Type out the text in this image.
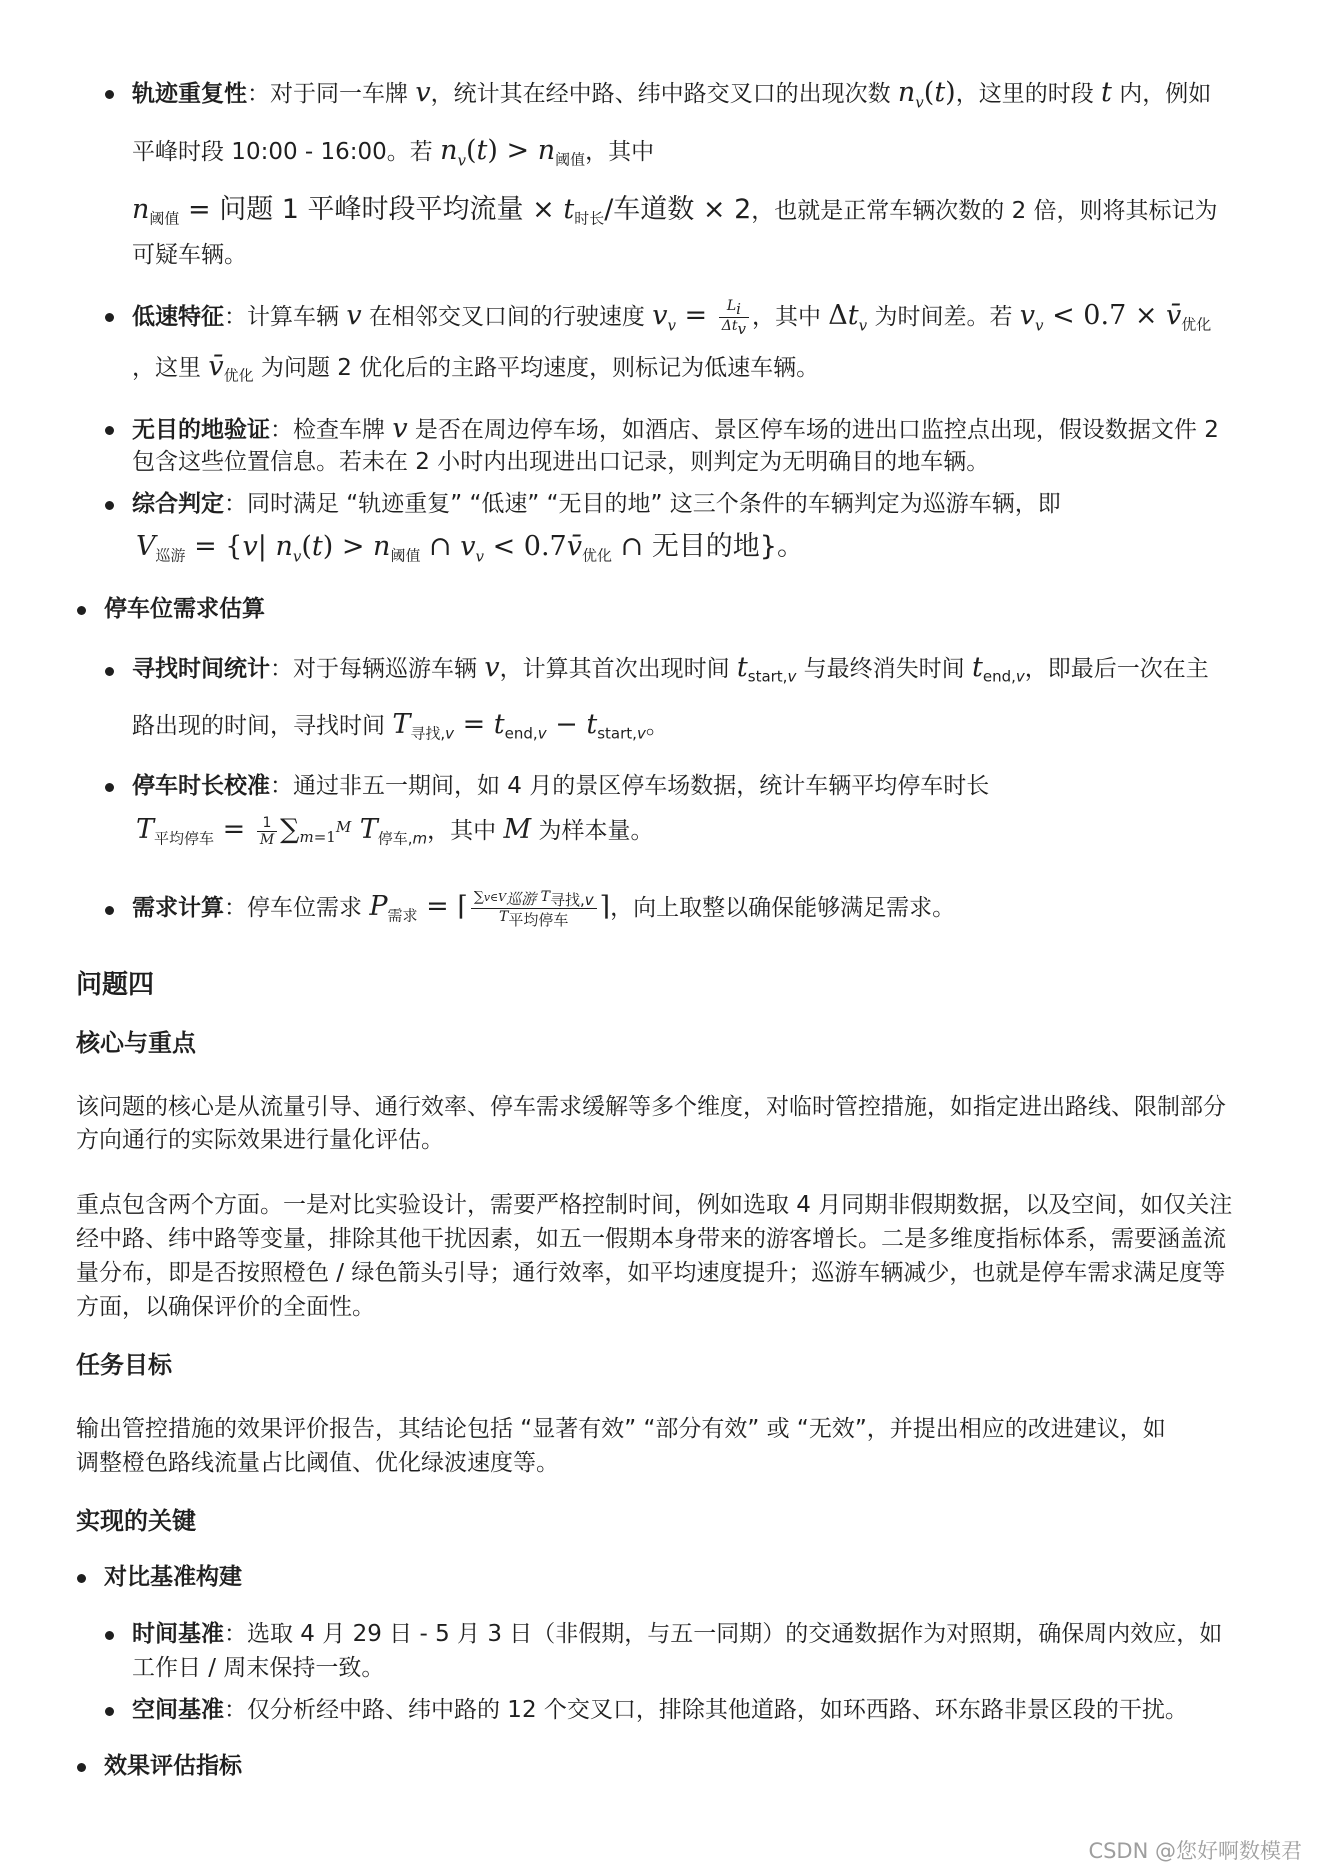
轨迹重复性：对于同一车牌 v，统计其在经中路、纬中路交叉口的出现次数 $n_v(t)$，这里的时段 t 内，例如
平峰时段 10:00 - 16:00。若 $n_v(t) > n_{阈值}$，其中
$n_{阈值}$ = 问题 1 平峰时段平均流量 × $t_{时长}/$车道数 × 2，也就是正常车辆次数的 2 倍，则将其标记为
可疑车辆。
低速特征：计算车辆 v 在相邻交叉口间的行驶速度 $v_v = \frac{L_i}{\Delta t_v}$ ，其中 $\Delta t_v$ 为时间差。若 $v_v < 0.7$ × $v̄_{优化}$
，这里 $v̄_{优化}$ 为问题 2 优化后的主路平均速度，则标记为低速车辆。
无目的地验证：检查车牌 v 是否在周边停车场，如酒店、景区停车场的进出口监控点出现，假设数据文件 2
包含这些位置信息。若未在 2 小时内出现进出口记录，则判定为无明确目的地车辆。
综合判定：同时满足 “轨迹重复” “低速” “无目的地” 这三个条件的车辆判定为巡游车辆，即
$V_{巡游} = \{v|$ $n_v(t) > n_{阈值}$ ∩ $v_v$ < $0.7v̄_{优化}$ ∩ 无目的地}。
停车位需求估算
寻找时间统计：对于每辆巡游车辆 v，计算其首次出现时间 $t_{start,v}$ 与最终消失时间 $t_{end,v}$，即最后一次在主
路出现的时间，寻找时间 $T_{寻找,v} = t_{end,v} - t_{start,v}$。
停车时长校准：通过非五一期间，如 4 月的景区停车场数据，统计车辆平均停车时长
$T_{平均停车} = \frac{1}{M} \sum_{m=1}^M$ $T_{停车,m}$，其中 M 为样本量。
需求计算：停车位需求 $P_{需求}$ = ⌈ $\frac{\sum v\in V_{巡游} T_{寻找,v}}{T_{平均停车}}$ ⌉，向上取整以确保能够满足需求。
问题四
核心与重点
该问题的核心是从流量引导、通行效率、停车需求缓解等多个维度，对临时管控措施，如指定进出路线、限制部分
方向通行的实际效果进行量化评估。
重点包含两个方面。一是对比实验设计，需要严格控制时间，例如选取 4 月同期非假期数据，以及空间，如仅关注
经中路、纬中路等变量，排除其他干扰因素，如五一假期本身带来的游客增长。二是多维度指标体系，需要涵盖流
量分布，即是否按照橙色 / 绿色箭头引导；通行效率，如平均速度提升；巡游车辆减少，也就是停车需求满足度等
方面，以确保评价的全面性。
任务目标
输出管控措施的效果评价报告，其结论包括 “显著有效” “部分有效” 或 “无效”，并提出相应的改进建议，如
调整橙色路线流量占比阈值、优化绿波速度等。
实现的关键
对比基准构建
时间基准：选取 4 月 29 日 - 5 月 3 日（非假期，与五一同期）的交通数据作为对照期，确保周内效应，如
工作日 / 周末保持一致。
空间基准：仅分析经中路、纬中路的 12 个交叉口，排除其他道路，如环西路、环东路非景区段的干扰。
效果评估指标
CSDN @您好啊数模君
